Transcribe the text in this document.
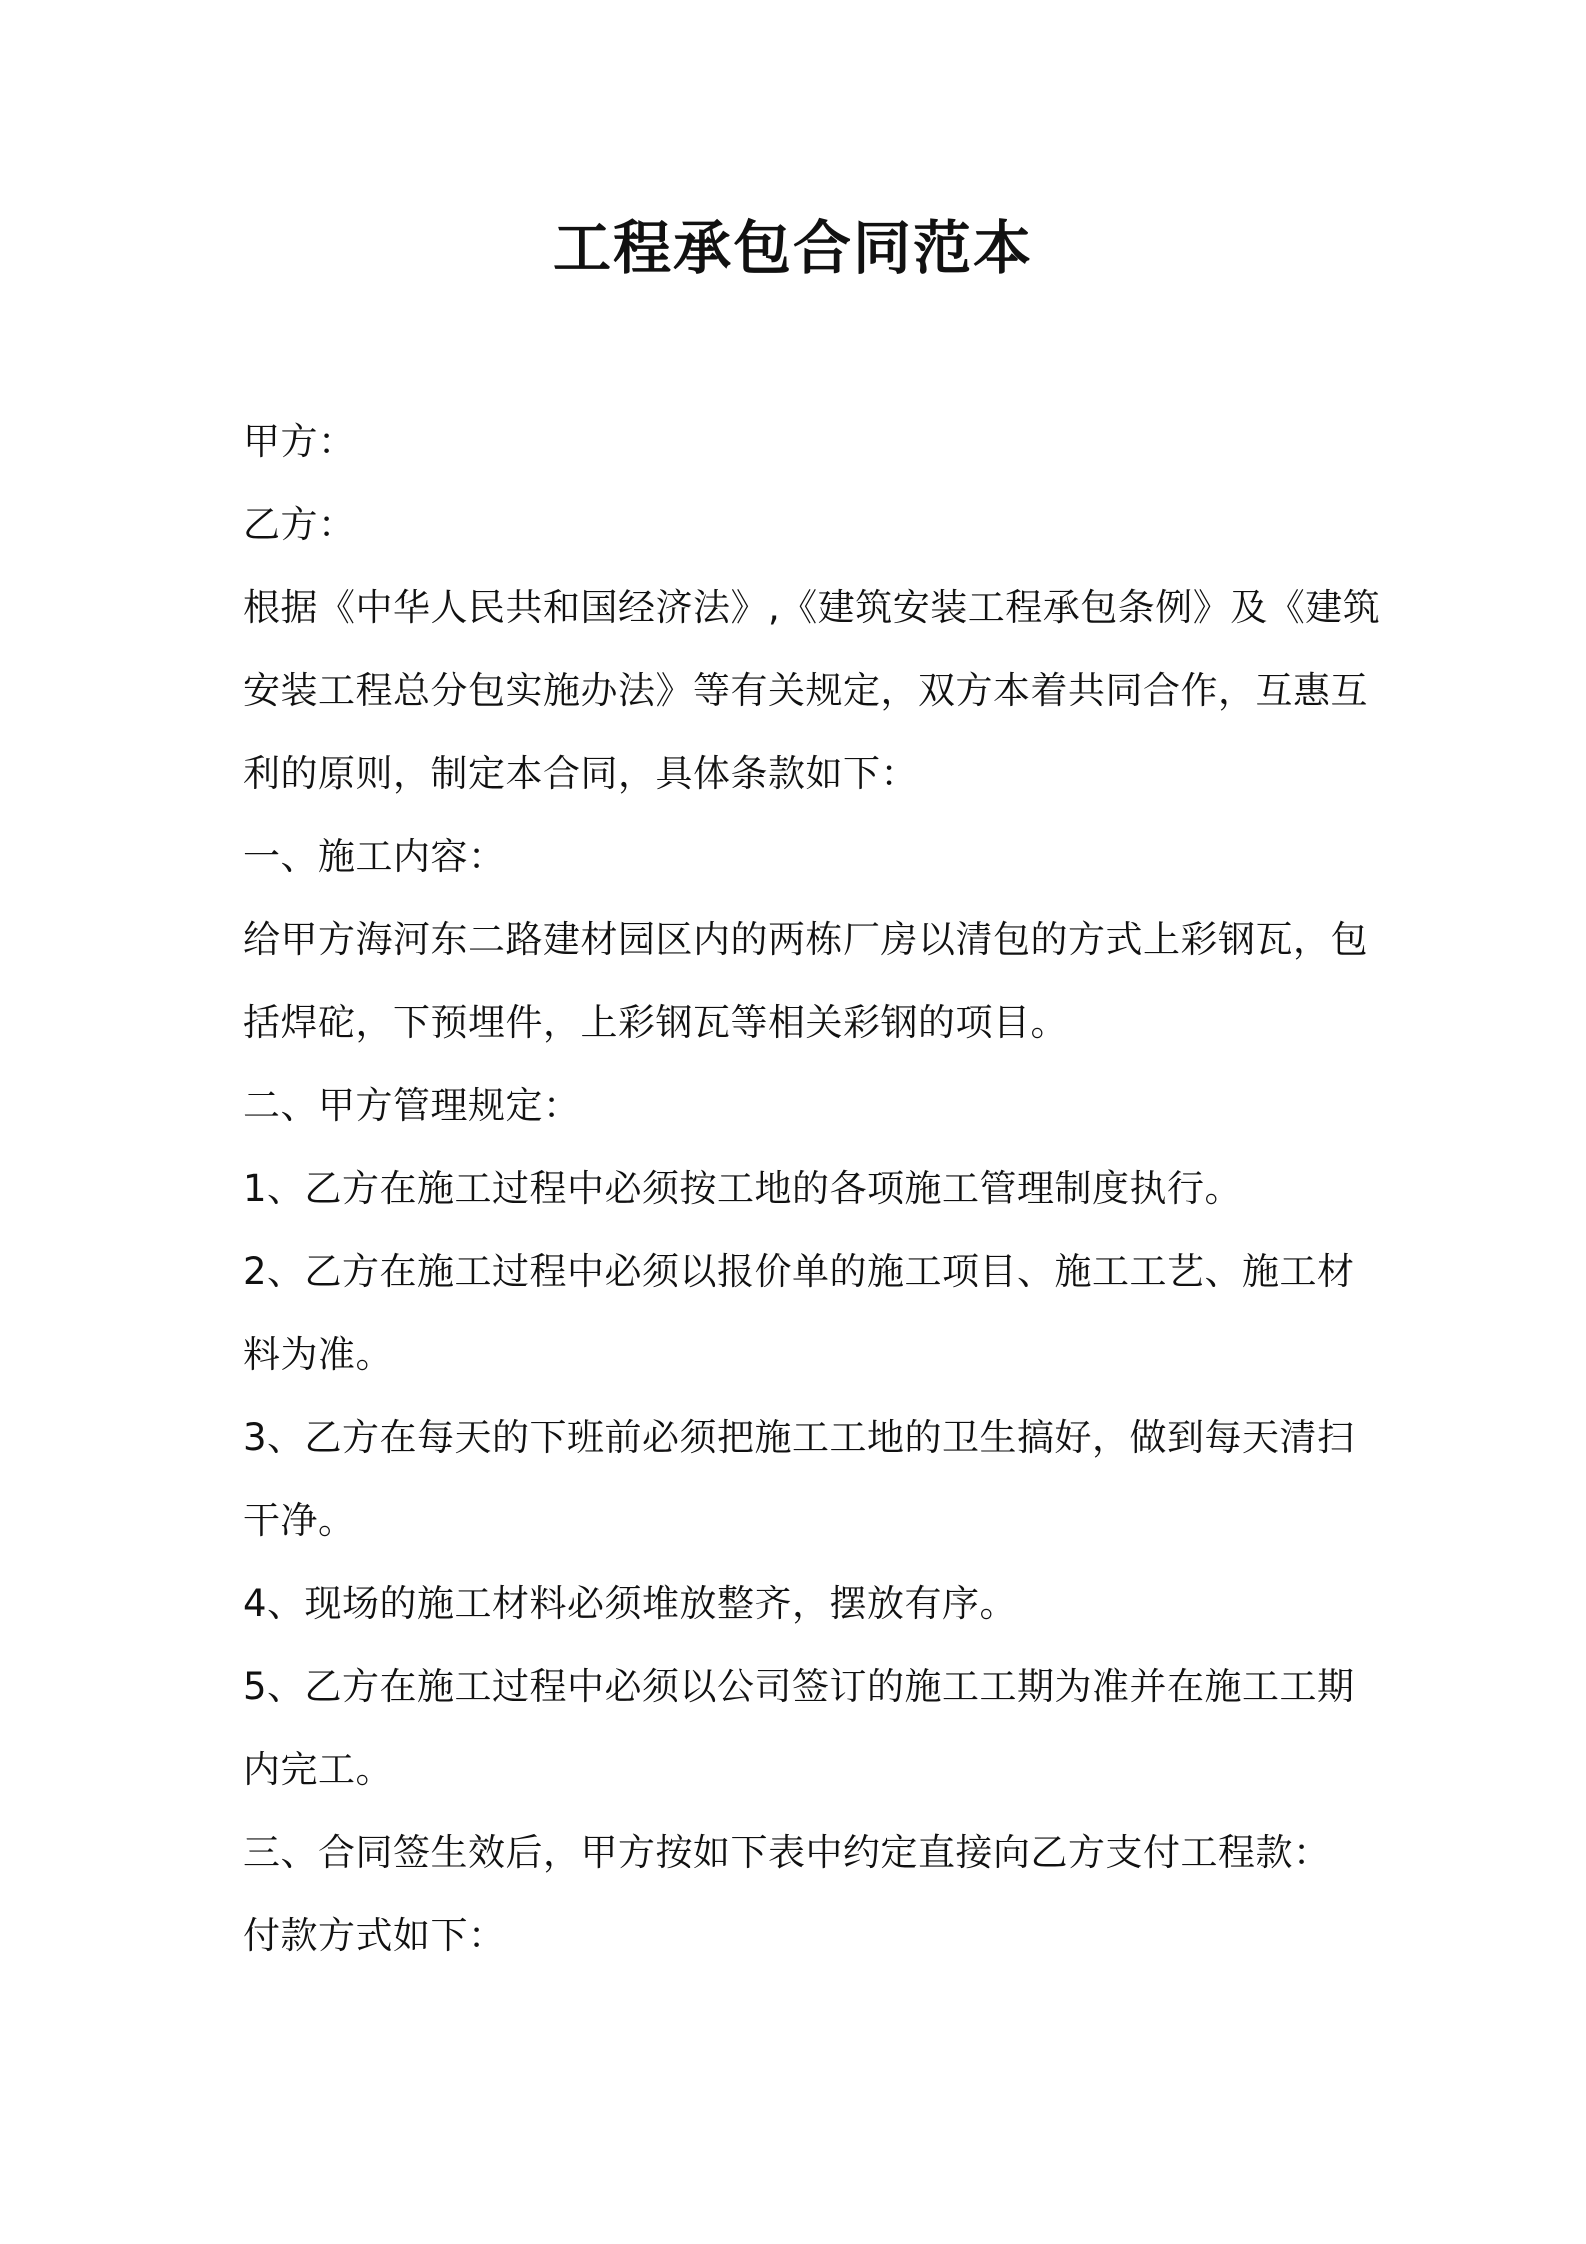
工程承包合同范本
甲方：
乙方：
根据《中华人民共和国经济法》,《建筑安装工程承包条例》及《建筑
安装工程总分包实施办法》等有关规定，双方本着共同合作，互惠互
利的原则，制定本合同，具体条款如下：
一、施工内容：
给甲方海河东二路建材园区内的两栋厂房以清包的方式上彩钢瓦，包
括焊砣，下预埋件，上彩钢瓦等相关彩钢的项目。
二、甲方管理规定：
1、乙方在施工过程中必须按工地的各项施工管理制度执行。
2、乙方在施工过程中必须以报价单的施工项目、施工工艺、施工材
料为准。
3、乙方在每天的下班前必须把施工工地的卫生搞好，做到每天清扫
干净。
4、现场的施工材料必须堆放整齐，摆放有序。
5、乙方在施工过程中必须以公司签订的施工工期为准并在施工工期
内完工。
三、合同签生效后，甲方按如下表中约定直接向乙方支付工程款：
付款方式如下：
